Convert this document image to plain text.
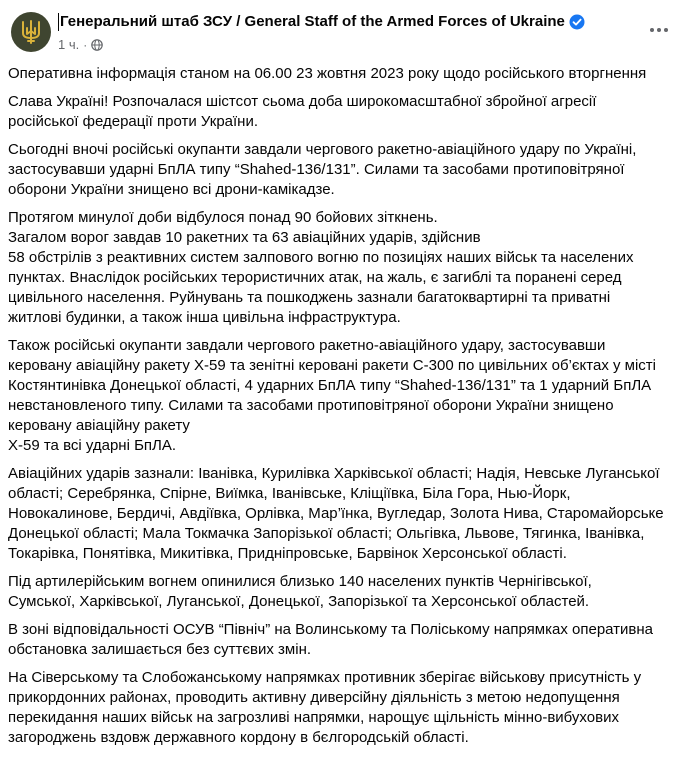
Генеральний штаб ЗСУ / General Staff of the Armed Forces of Ukraine
1 ч. ·

Оперативна інформація станом на 06.00 23 жовтня 2023 року щодо російського вторгнення

Слава Україні! Розпочалася шістсот сьома доба широкомасштабної збройної агресії
російської федерації проти України.

Сьогодні вночі російські окупанти завдали чергового ракетно-авіаційного удару по Україні,
застосувавши ударні БпЛА типу “Shahed-136/131”. Силами та засобами протиповітряної
оборони України знищено всі дрони-камікадзе.

Протягом минулої доби відбулося понад 90 бойових зіткнень.
Загалом ворог завдав 10 ракетних та 63 авіаційних ударів, здійснив
58 обстрілів з реактивних систем залпового вогню по позиціях наших військ та населених
пунктах. Внаслідок російських терористичних атак, на жаль, є загиблі та поранені серед
цивільного населення. Руйнувань та пошкоджень зазнали багатоквартирні та приватні
житлові будинки, а також інша цивільна інфраструктура.

Також російські окупанти завдали чергового ракетно-авіаційного удару, застосувавши
керовану авіаційну ракету Х-59 та зенітні керовані ракети С-300 по цивільних об’єктах у місті
Костянтинівка Донецької області, 4 ударних БпЛА типу “Shahed-136/131” та 1 ударний БпЛА
невстановленого типу. Силами та засобами протиповітряної оборони України знищено
керовану авіаційну ракету
Х-59 та всі ударні БпЛА.

Авіаційних ударів зазнали: Іванівка, Курилівка Харківської області; Надія, Невське Луганської
області; Серебрянка, Спірне, Виїмка, Іванівське, Кліщіївка, Біла Гора, Нью-Йорк,
Новокалинове, Бердичі, Авдіївка, Орлівка, Мар’їнка, Вугледар, Золота Нива, Старомайорське
Донецької області; Мала Токмачка Запорізької області; Ольгівка, Львове, Тягинка, Іванівка,
Токарівка, Понятівка, Микитівка, Придніпровське, Барвінок Херсонської області.

Під артилерійським вогнем опинилися близько 140 населених пунктів Чернігівської,
Сумської, Харківської, Луганської, Донецької, Запорізької та Херсонської областей.

В зоні відповідальності ОСУВ “Північ” на Волинському та Поліському напрямках оперативна
обстановка залишається без суттєвих змін.

На Сіверському та Слобожанському напрямках противник зберігає військову присутність у
прикордонних районах, проводить активну диверсійну діяльність з метою недопущення
перекидання наших військ на загрозливі напрямки, нарощує щільність мінно-вибухових
загороджень вздовж державного кордону в бєлгородській області.
